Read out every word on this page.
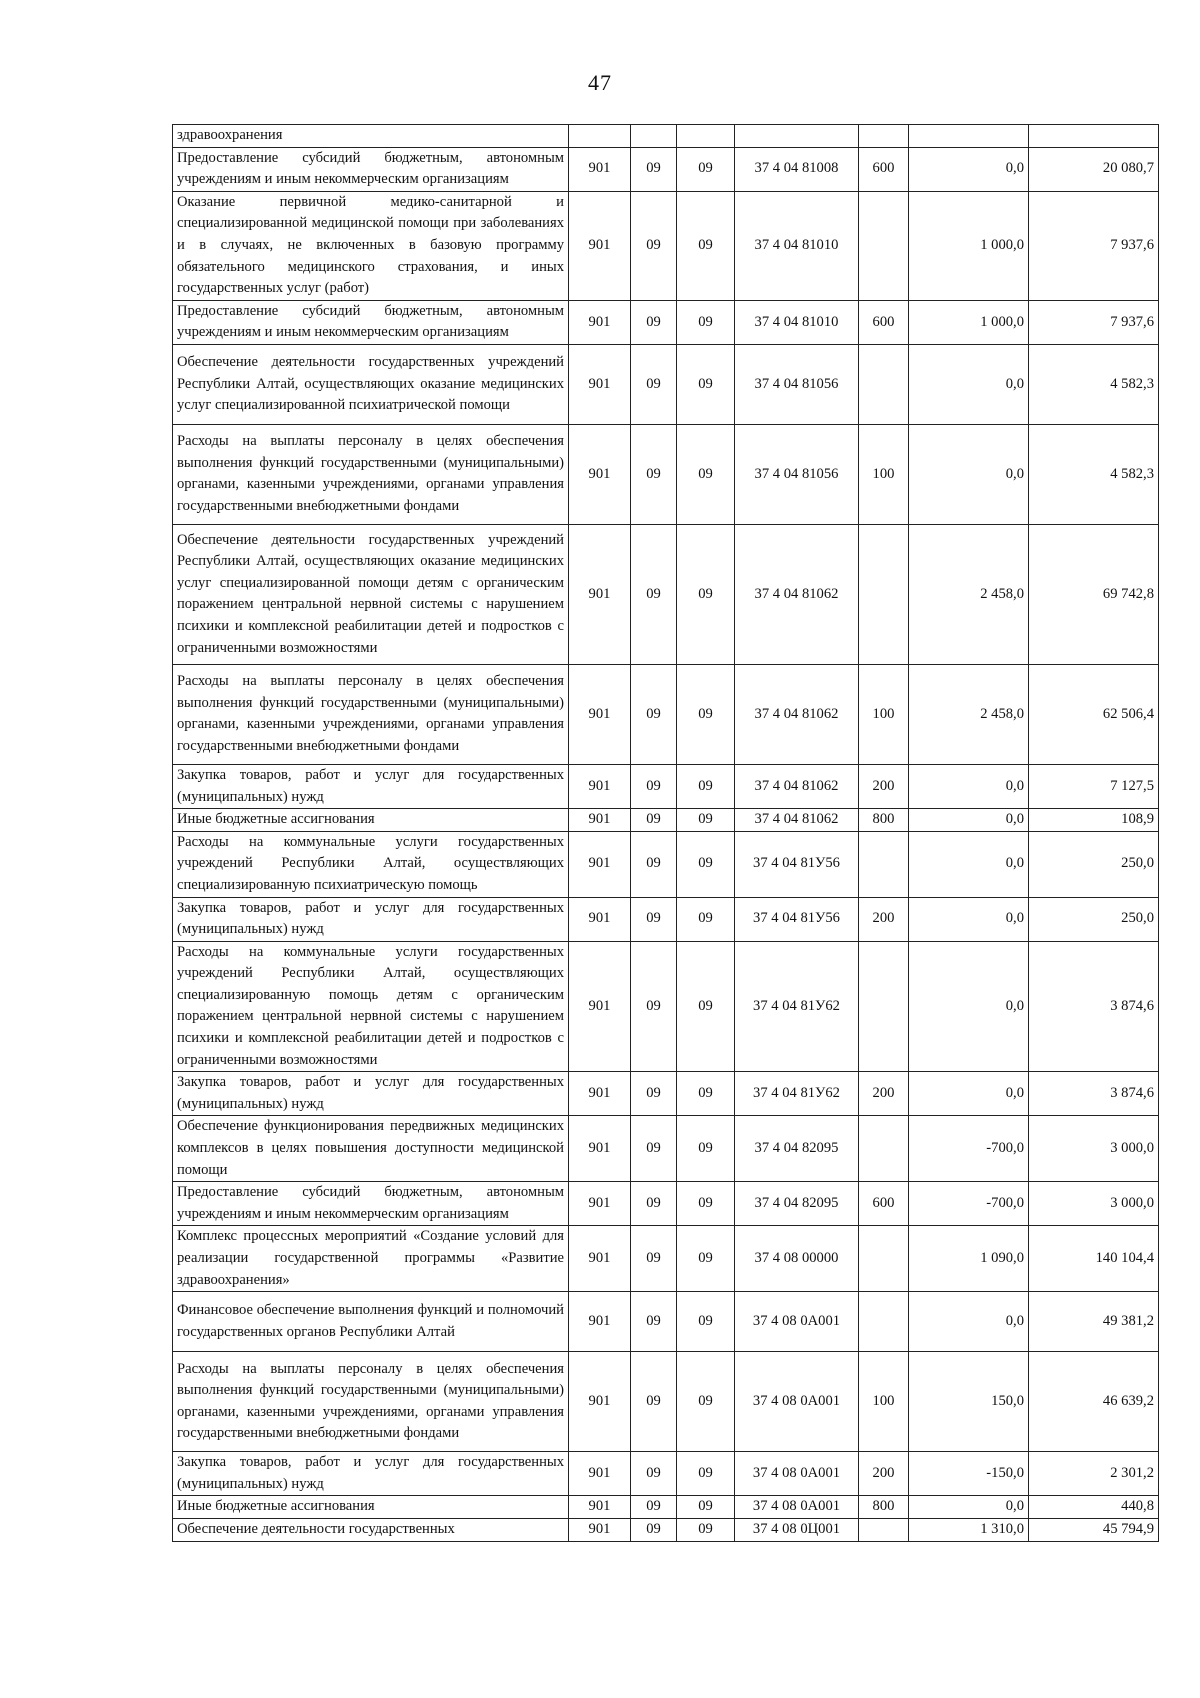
47
здравоохранения							
Предоставление субсидий бюджетным, автономным учреждениям и иным некоммерческим организациям	901	09	09	37 4 04 81008	600	0,0	20 080,7
Оказание первичной медико-санитарной и специализированной медицинской помощи при заболеваниях и в случаях, не включенных в базовую программу обязательного медицинского страхования, и иных государственных услуг (работ)	901	09	09	37 4 04 81010		1 000,0	7 937,6
Предоставление субсидий бюджетным, автономным учреждениям и иным некоммерческим организациям	901	09	09	37 4 04 81010	600	1 000,0	7 937,6
Обеспечение деятельности государственных учреждений Республики Алтай, осуществляющих оказание медицинских услуг специализированной психиатрической помощи	901	09	09	37 4 04 81056		0,0	4 582,3
Расходы на выплаты персоналу в целях обеспечения выполнения функций государственными (муниципальными) органами, казенными учреждениями, органами управления государственными внебюджетными фондами	901	09	09	37 4 04 81056	100	0,0	4 582,3
Обеспечение деятельности государственных учреждений Республики Алтай, осуществляющих оказание медицинских услуг специализированной помощи детям с органическим поражением центральной нервной системы с нарушением психики и комплексной реабилитации детей и подростков с ограниченными возможностями	901	09	09	37 4 04 81062		2 458,0	69 742,8
Расходы на выплаты персоналу в целях обеспечения выполнения функций государственными (муниципальными) органами, казенными учреждениями, органами управления государственными внебюджетными фондами	901	09	09	37 4 04 81062	100	2 458,0	62 506,4
Закупка товаров, работ и услуг для государственных (муниципальных) нужд	901	09	09	37 4 04 81062	200	0,0	7 127,5
Иные бюджетные ассигнования	901	09	09	37 4 04 81062	800	0,0	108,9
Расходы на коммунальные услуги государственных учреждений Республики Алтай, осуществляющих специализированную психиатрическую помощь	901	09	09	37 4 04 81У56		0,0	250,0
Закупка товаров, работ и услуг для государственных (муниципальных) нужд	901	09	09	37 4 04 81У56	200	0,0	250,0
Расходы на коммунальные услуги государственных учреждений Республики Алтай, осуществляющих специализированную помощь детям с органическим поражением центральной нервной системы с нарушением психики и комплексной реабилитации детей и подростков с ограниченными возможностями	901	09	09	37 4 04 81У62		0,0	3 874,6
Закупка товаров, работ и услуг для государственных (муниципальных) нужд	901	09	09	37 4 04 81У62	200	0,0	3 874,6
Обеспечение функционирования передвижных медицинских комплексов в целях повышения доступности медицинской помощи	901	09	09	37 4 04 82095		-700,0	3 000,0
Предоставление субсидий бюджетным, автономным учреждениям и иным некоммерческим организациям	901	09	09	37 4 04 82095	600	-700,0	3 000,0
Комплекс процессных мероприятий «Создание условий для реализации государственной программы «Развитие здравоохранения»	901	09	09	37 4 08 00000		1 090,0	140 104,4
Финансовое обеспечение выполнения функций и полномочий государственных органов Республики Алтай	901	09	09	37 4 08 0А001		0,0	49 381,2
Расходы на выплаты персоналу в целях обеспечения выполнения функций государственными (муниципальными) органами, казенными учреждениями, органами управления государственными внебюджетными фондами	901	09	09	37 4 08 0А001	100	150,0	46 639,2
Закупка товаров, работ и услуг для государственных (муниципальных) нужд	901	09	09	37 4 08 0А001	200	-150,0	2 301,2
Иные бюджетные ассигнования	901	09	09	37 4 08 0А001	800	0,0	440,8
Обеспечение деятельности государственных	901	09	09	37 4 08 0Ц001		1 310,0	45 794,9
